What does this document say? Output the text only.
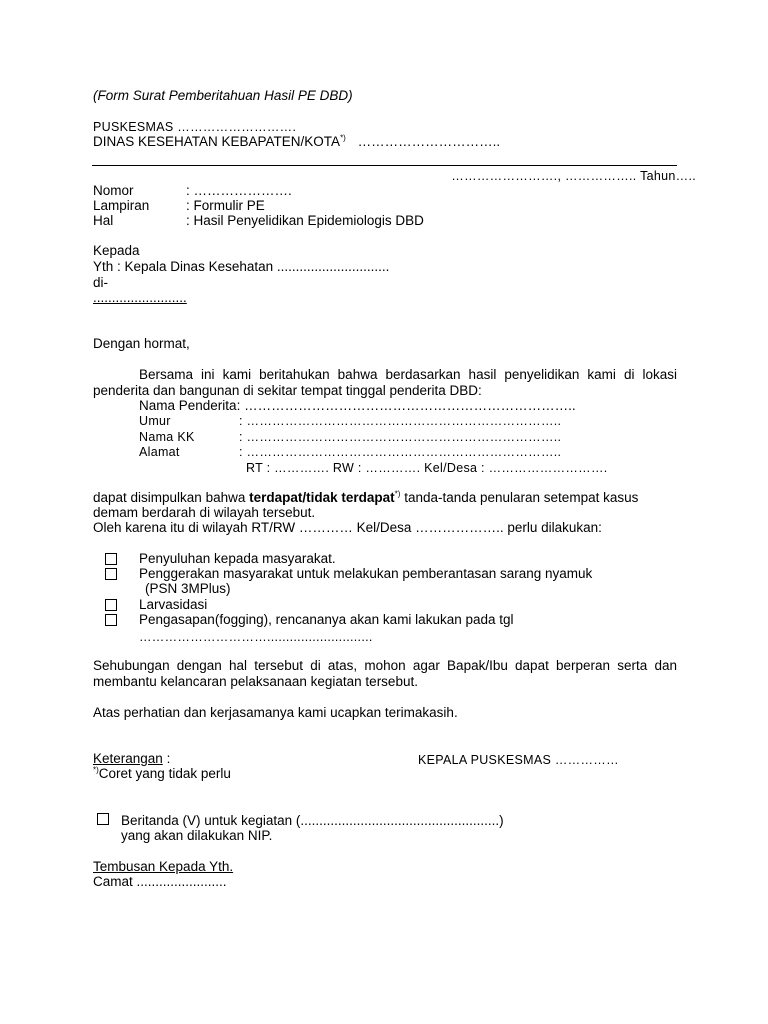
(Form Surat Pemberitahuan Hasil PE DBD)
PUSKESMAS ……………………….
DINAS KESEHATAN KEBAPATEN/KOTA*) …………………………..
……………………., …………….. Tahun…..
Nomor	: ………………….
Lampiran	: Formulir PE
Hal	: Hasil Penyelidikan Epidemiologis DBD
Kepada
Yth : Kepala Dinas Kesehatan ..............................
di-
.........................
Dengan hormat,
Bersama ini kami beritahukan bahwa berdasarkan hasil penyelidikan kami di lokasi penderita dan bangunan di sekitar tempat tinggal penderita DBD:
Nama Penderita: ………………………………………………………………..
Umur	: ………………………………………………………………..
Nama KK	: ………………………………………………………………..
Alamat	: ………………………………………………………………..
RT : …………. RW : …………. Kel/Desa : ……………………….
dapat disimpulkan bahwa terdapat/tidak terdapat*) tanda-tanda penularan setempat kasus
demam berdarah di wilayah tersebut.
Oleh karena itu di wilayah RT/RW ………… Kel/Desa ……………….. perlu dilakukan:
Penyuluhan kepada masyarakat.
Penggerakan masyarakat untuk melakukan pemberantasan sarang nyamuk
(PSN 3MPlus)
Larvasidasi
Pengasapan(fogging), rencananya akan kami lakukan pada tgl
…………………………............................
Sehubungan dengan hal tersebut di atas, mohon agar Bapak/Ibu dapat berperan serta dan membantu kelancaran pelaksanaan kegiatan tersebut.
Atas perhatian dan kerjasamanya kami ucapkan terimakasih.
Keterangan :	KEPALA PUSKESMAS ……………
*)Coret yang tidak perlu
Beritanda (V) untuk kegiatan (.....................................................)
yang akan dilakukan NIP.
Tembusan Kepada Yth.
Camat ........................
